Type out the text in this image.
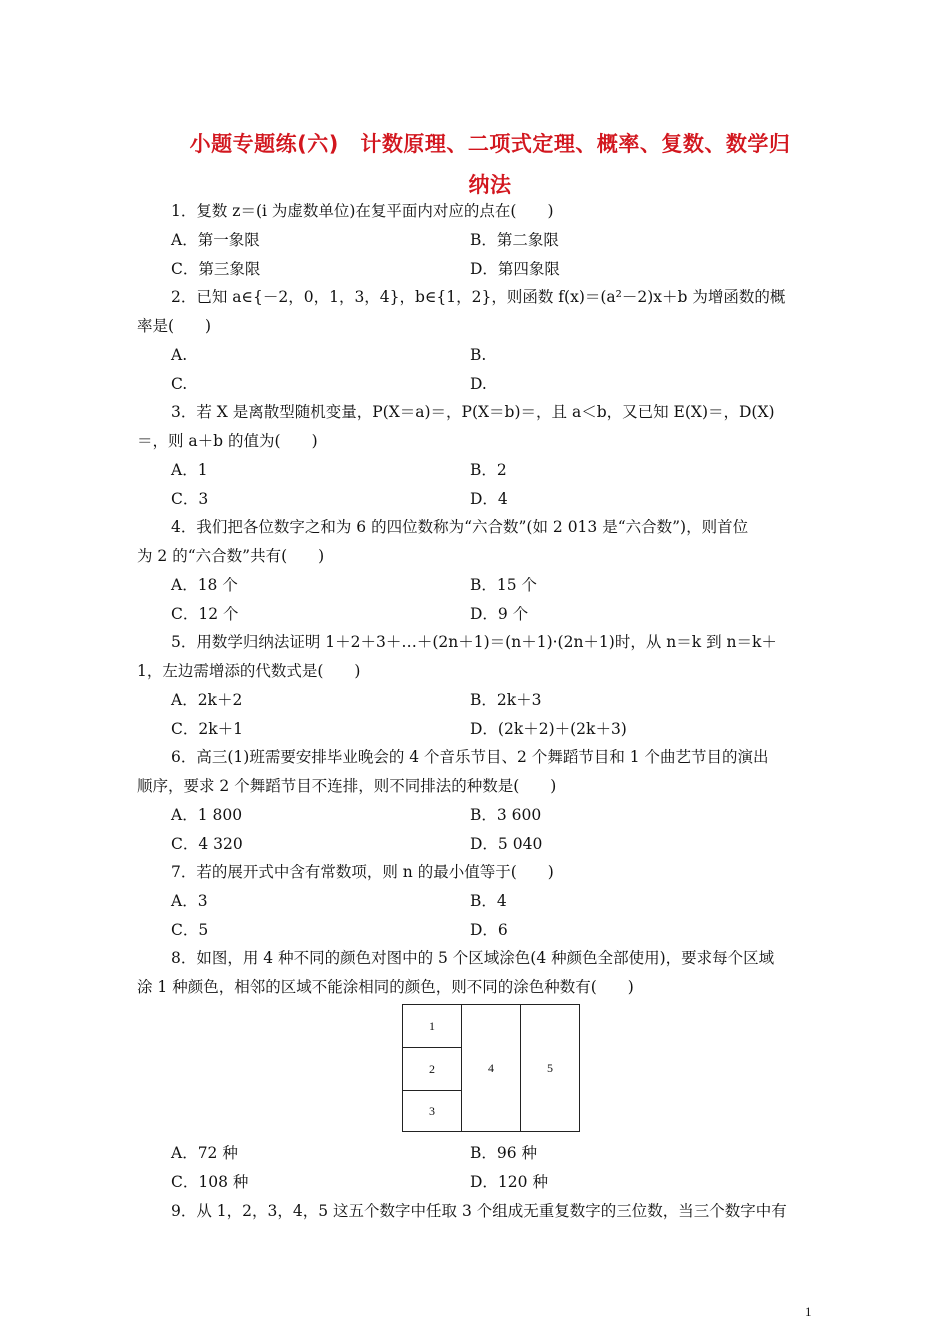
小题专题练(六)　计数原理、二项式定理、概率、复数、数学归
纳法
1．复数 z＝(i 为虚数单位)在复平面内对应的点在(　　)
A．第一象限	B．第二象限
C．第三象限	D．第四象限
2．已知 a∈{－2，0，1，3，4}，b∈{1，2}，则函数 f(x)＝(a²－2)x＋b 为增函数的概
率是(　　)
A.	B.
C.	D.
3．若 X 是离散型随机变量，P(X＝a)＝，P(X＝b)＝，且 a＜b，又已知 E(X)＝，D(X)
＝，则 a＋b 的值为(　　)
A．1	B．2
C．3	D．4
4．我们把各位数字之和为 6 的四位数称为“六合数”(如 2 013 是“六合数”)，则首位
为 2 的“六合数”共有(　　)
A．18 个	B．15 个
C．12 个	D．9 个
5．用数学归纳法证明 1＋2＋3＋…＋(2n＋1)＝(n＋1)·(2n＋1)时，从 n＝k 到 n＝k＋
1，左边需增添的代数式是(　　)
A．2k＋2	B．2k＋3
C．2k＋1	D．(2k＋2)＋(2k＋3)
6．高三(1)班需要安排毕业晚会的 4 个音乐节目、2 个舞蹈节目和 1 个曲艺节目的演出
顺序，要求 2 个舞蹈节目不连排，则不同排法的种数是(　　)
A．1 800	B．3 600
C．4 320	D．5 040
7．若的展开式中含有常数项，则 n 的最小值等于(　　)
A．3	B．4
C．5	D．6
8．如图，用 4 种不同的颜色对图中的 5 个区域涂色(4 种颜色全部使用)，要求每个区域
涂 1 种颜色，相邻的区域不能涂相同的颜色，则不同的涂色种数有(　　)
A．72 种	B．96 种
C．108 种	D．120 种
9．从 1，2，3，4，5 这五个数字中任取 3 个组成无重复数字的三位数，当三个数字中有
1
2
3
4	5
1
